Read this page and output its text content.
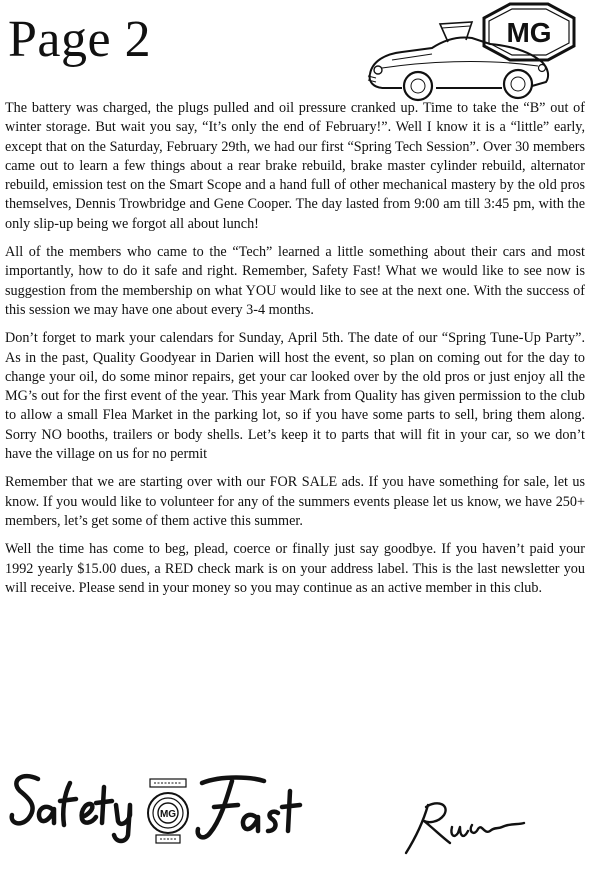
Page 2	MG

The battery was charged, the plugs pulled and oil pressure cranked up. Time to take the “B” out of winter storage. But wait you say, “It’s only the end of February!”. Well I know it is a “little” early, except that on the Saturday, February 29th, we had our first “Spring Tech Session”. Over 30 members came out to learn a few things about a rear brake rebuild, brake master cylinder rebuild, alternator rebuild, emission test on the Smart Scope and a hand full of other mechanical mastery by the old pros themselves, Dennis Trowbridge and Gene Cooper. The day lasted from 9:00 am till 3:45 pm, with the only slip-up being we forgot all about lunch!

All of the members who came to the “Tech” learned a little something about their cars and most importantly, how to do it safe and right. Remember, Safety Fast! What we would like to see now is suggestion from the membership on what YOU would like to see at the next one. With the success of this session we may have one about every 3-4 months.

Don’t forget to mark your calendars for Sunday, April 5th. The date of our “Spring Tune-Up Party”. As in the past, Quality Goodyear in Darien will host the event, so plan on coming out for the day to change your oil, do some minor repairs, get your car looked over by the old pros or just enjoy all the MG’s out for the first event of the year. This year Mark from Quality has given permission to the club to allow a small Flea Market in the parking lot, so if you have some parts to sell, bring them along. Sorry NO booths, trailers or body shells. Let’s keep it to parts that will fit in your car, so we don’t have the village on us for no permit

Remember that we are starting over with our FOR SALE ads. If you have something for sale, let us know. If you would like to volunteer for any of the summers events please let us know, we have 250+ members, let’s get some of them active this summer.

Well the time has come to beg, plead, coerce or finally just say goodbye. If you haven’t paid your 1992 yearly $15.00 dues, a RED check mark is on your address label. This is the last newsletter you will receive. Please send in your money so you may continue as an active member in this club.

MG
